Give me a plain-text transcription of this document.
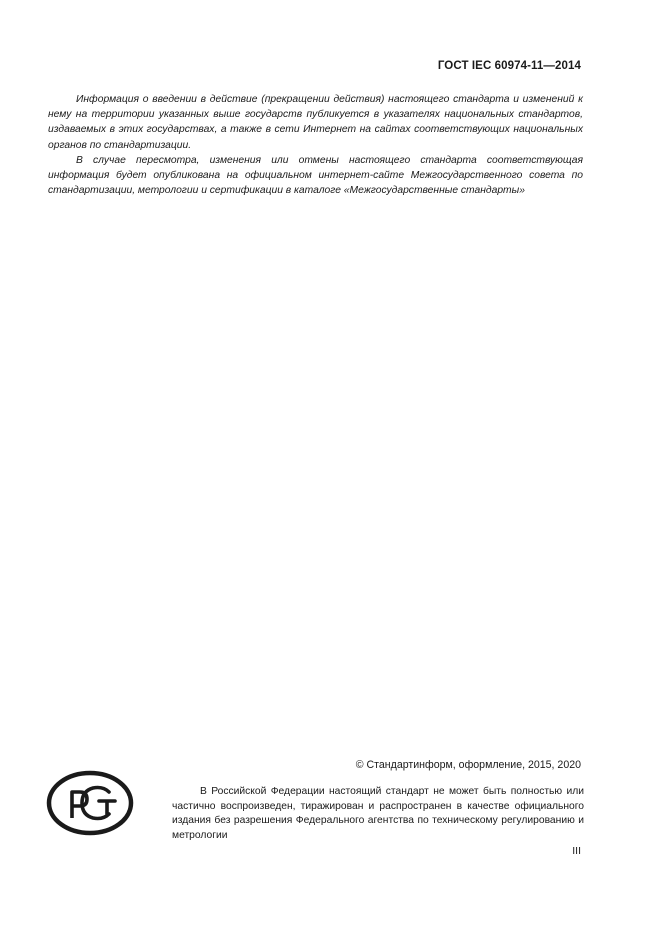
ГОСТ IEC 60974-11—2014

Информация о введении в действие (прекращении действия) настоящего стандарта и изменений к нему на территории указанных выше государств публикуется в указателях национальных стандартов, издаваемых в этих государствах, а также в сети Интернет на сайтах соответствующих национальных органов по стандартизации.

В случае пересмотра, изменения или отмены настоящего стандарта соответствующая информация будет опубликована на официальном интернет-сайте Межгосударственного совета по стандартизации, метрологии и сертификации в каталоге «Межгосударственные стандарты»

© Стандартинформ, оформление, 2015, 2020

В Российской Федерации настоящий стандарт не может быть полностью или частично воспроизведен, тиражирован и распространен в качестве официального издания без разрешения Федерального агентства по техническому регулированию и метрологии

III
